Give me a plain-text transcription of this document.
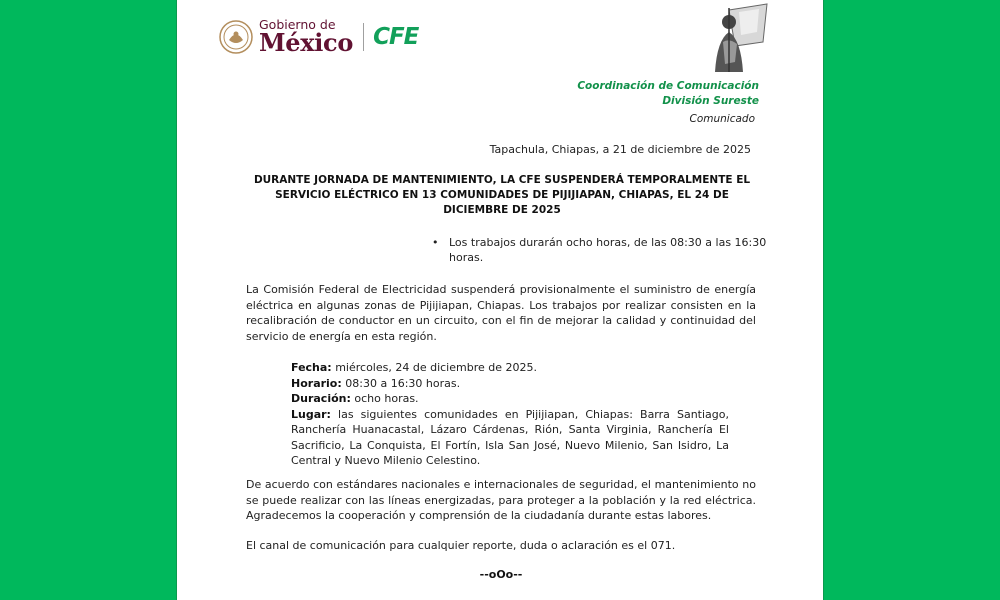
Gobierno de
México CFE
Coordinación de Comunicación
División Sureste
Comunicado
Tapachula, Chiapas, a 21 de diciembre de 2025
DURANTE JORNADA DE MANTENIMIENTO, LA CFE SUSPENDERÁ TEMPORALMENTE EL SERVICIO ELÉCTRICO EN 13 COMUNIDADES DE PIJIJIAPAN, CHIAPAS, EL 24 DE DICIEMBRE DE 2025
• Los trabajos durarán ocho horas, de las 08:30 a las 16:30 horas.
La Comisión Federal de Electricidad suspenderá provisionalmente el suministro de energía eléctrica en algunas zonas de Pijijiapan, Chiapas. Los trabajos por realizar consisten en la recalibración de conductor en un circuito, con el fin de mejorar la calidad y continuidad del servicio de energía en esta región.
Fecha: miércoles, 24 de diciembre de 2025.
Horario: 08:30 a 16:30 horas.
Duración: ocho horas.
Lugar: las siguientes comunidades en Pijijiapan, Chiapas: Barra Santiago, Ranchería Huanacastal, Lázaro Cárdenas, Rión, Santa Virginia, Ranchería El Sacrificio, La Conquista, El Fortín, Isla San José, Nuevo Milenio, San Isidro, La Central y Nuevo Milenio Celestino.
De acuerdo con estándares nacionales e internacionales de seguridad, el mantenimiento no se puede realizar con las líneas energizadas, para proteger a la población y la red eléctrica. Agradecemos la cooperación y comprensión de la ciudadanía durante estas labores.
El canal de comunicación para cualquier reporte, duda o aclaración es el 071.
--oOo--
